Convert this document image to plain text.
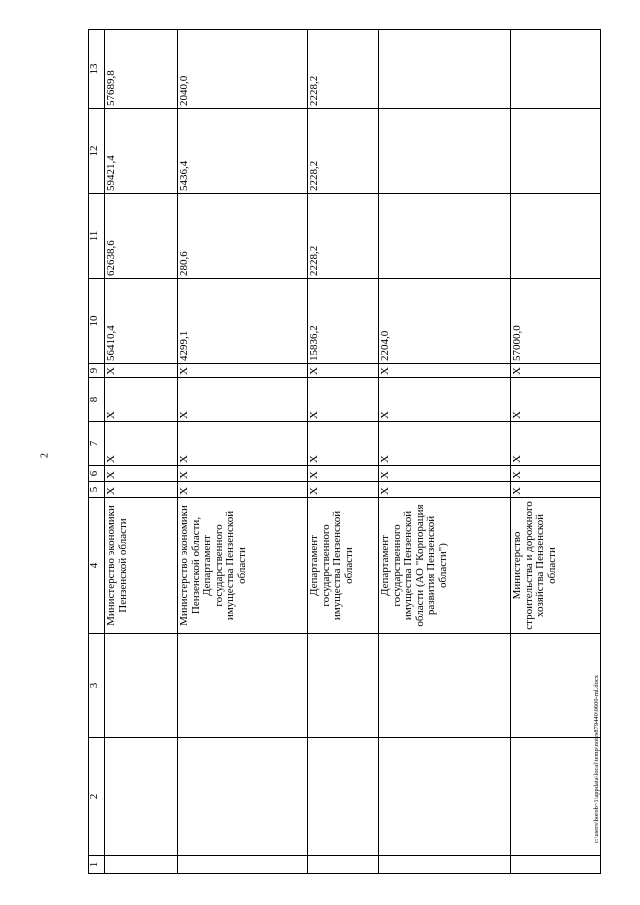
2
c:\users\borob~1\appdata\local\temp\notes879440\0600-ml.docx
1	2	3	4	5	6	7	8	9	10	11	12	13
			Министерство экономики Пензенской области	X	X	X	X	X	56410,4	62638,6	59421,4	57689,8
			Министерство экономики Пензенской области, Департамент государственного имущества Пензенской области	X	X	X	X	X	4299,1	280,6	5436,4	2040,0
			Департамент государственного имущества Пензенской области	X	X	X	X	X	15836,2	2228,2	2228,2	2228,2
			Департамент государственного имущества Пензенской области (АО "Корпорация развития Пензенской области")	X	X	X	X	X	2204,0			
			Министерство строительства и дорожного хозяйства Пензенской области	X	X	X	X	X	57000,0			
